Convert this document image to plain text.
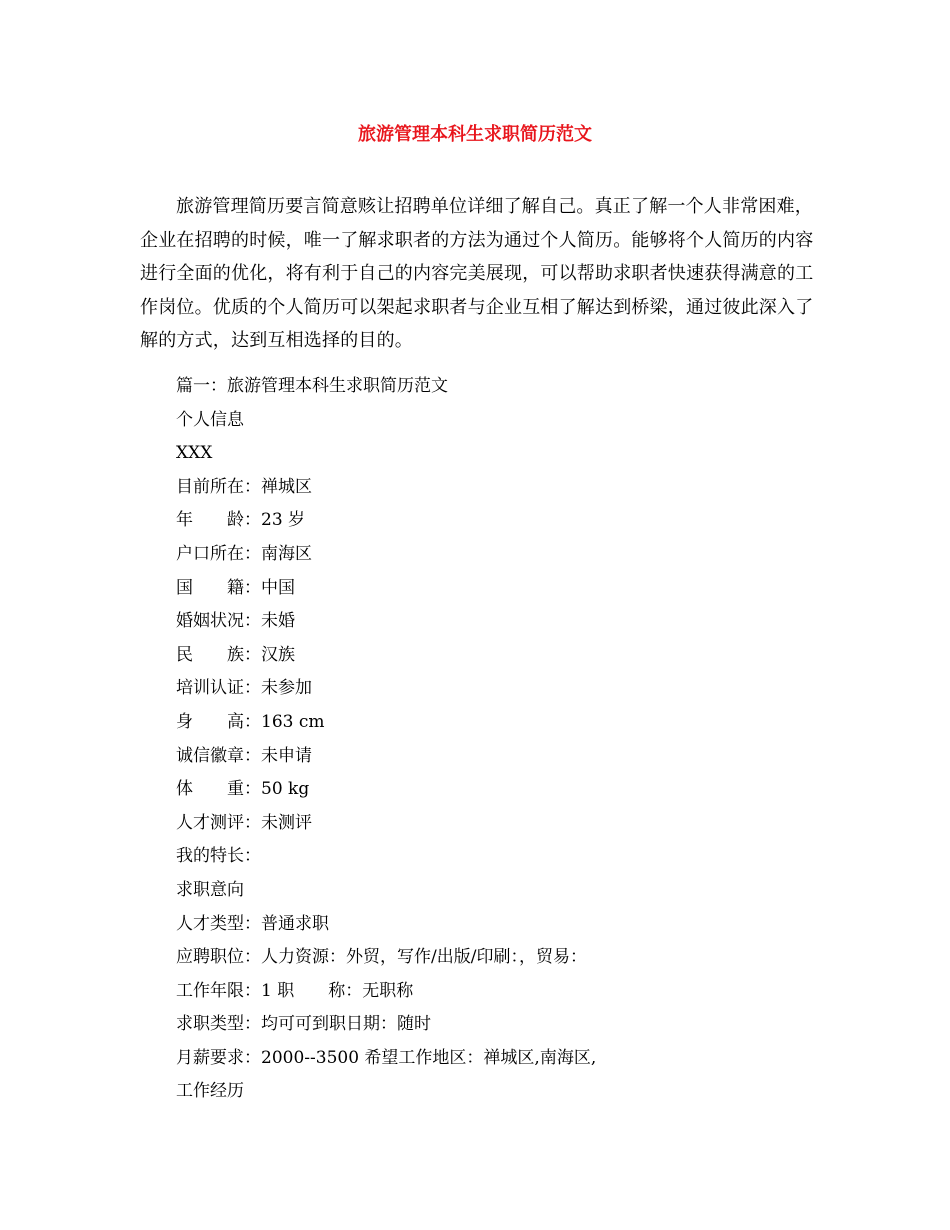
旅游管理本科生求职简历范文

旅游管理简历要言简意赅让招聘单位详细了解自己。真正了解一个人非常困难，企业在招聘的时候，唯一了解求职者的方法为通过个人简历。能够将个人简历的内容进行全面的优化，将有利于自己的内容完美展现，可以帮助求职者快速获得满意的工作岗位。优质的个人简历可以架起求职者与企业互相了解达到桥梁，通过彼此深入了解的方式，达到互相选择的目的。

篇一：旅游管理本科生求职简历范文
个人信息
XXX
目前所在：禅城区
年　　龄：23 岁
户口所在：南海区
国　　籍：中国
婚姻状况：未婚
民　　族：汉族
培训认证：未参加
身　　高：163 cm
诚信徽章：未申请
体　　重：50 kg
人才测评：未测评
我的特长：
求职意向
人才类型：普通求职
应聘职位：人力资源：外贸，写作/出版/印刷：，贸易：
工作年限：1 职　　称：无职称
求职类型：均可可到职日期：随时
月薪要求：2000--3500 希望工作地区：禅城区,南海区,
工作经历
